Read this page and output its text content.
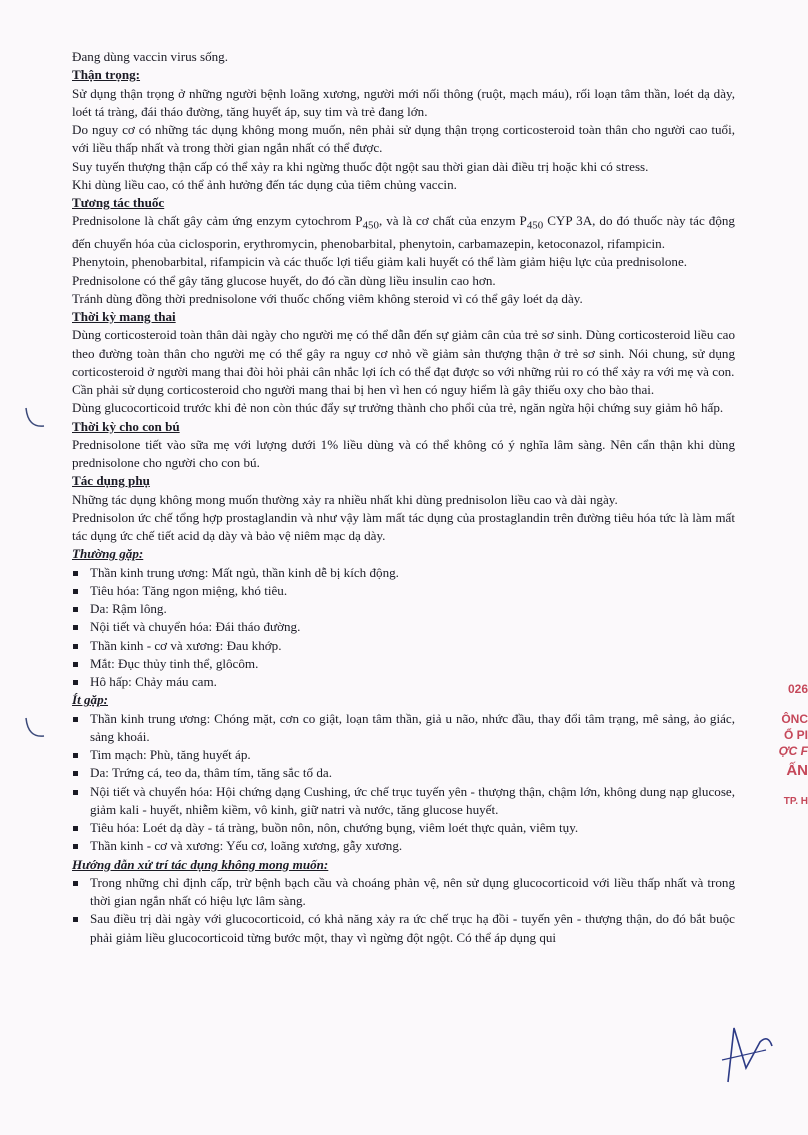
Đang dùng vaccin virus sống.

Thận trọng:

Sử dụng thận trọng ở những người bệnh loãng xương, người mới nối thông (ruột, mạch máu), rối loạn tâm thần, loét dạ dày, loét tá tràng, đái tháo đường, tăng huyết áp, suy tim và trẻ đang lớn.

Do nguy cơ có những tác dụng không mong muốn, nên phải sử dụng thận trọng corticosteroid toàn thân cho người cao tuổi, với liều thấp nhất và trong thời gian ngắn nhất có thể được.

Suy tuyến thượng thận cấp có thể xảy ra khi ngừng thuốc đột ngột sau thời gian dài điều trị hoặc khi có stress.

Khi dùng liều cao, có thể ảnh hưởng đến tác dụng của tiêm chủng vaccin.

Tương tác thuốc

Prednisolone là chất gây cảm ứng enzym cytochrom $P_{450}$, và là cơ chất của enzym $P_{450}$ CYP 3A, do đó thuốc này tác động đến chuyển hóa của ciclosporin, erythromycin, phenobarbital, phenytoin, carbamazepin, ketoconazol, rifampicin.

Phenytoin, phenobarbital, rifampicin và các thuốc lợi tiểu giảm kali huyết có thể làm giảm hiệu lực của prednisolone.

Prednisolone có thể gây tăng glucose huyết, do đó cần dùng liều insulin cao hơn.

Tránh dùng đồng thời prednisolone với thuốc chống viêm không steroid vì có thể gây loét dạ dày.

Thời kỳ mang thai

Dùng corticosteroid toàn thân dài ngày cho người mẹ có thể dẫn đến sự giảm cân của trẻ sơ sinh. Dùng corticosteroid liều cao theo đường toàn thân cho người mẹ có thể gây ra nguy cơ nhỏ về giảm sản thượng thận ở trẻ sơ sinh. Nói chung, sử dụng corticosteroid ở người mang thai đòi hỏi phải cân nhắc lợi ích có thể đạt được so với những rủi ro có thể xảy ra với mẹ và con.

Cần phải sử dụng corticosteroid cho người mang thai bị hen vì hen có nguy hiểm là gây thiếu oxy cho bào thai.

Dùng glucocorticoid trước khi đẻ non còn thúc đẩy sự trưởng thành cho phổi của trẻ, ngăn ngừa hội chứng suy giảm hô hấp.

Thời kỳ cho con bú

Prednisolone tiết vào sữa mẹ với lượng dưới 1% liều dùng và có thể không có ý nghĩa lâm sàng. Nên cẩn thận khi dùng prednisolone cho người cho con bú.

Tác dụng phụ

Những tác dụng không mong muốn thường xảy ra nhiều nhất khi dùng prednisolon liều cao và dài ngày.

Prednisolon ức chế tổng hợp prostaglandin và như vậy làm mất tác dụng của prostaglandin trên đường tiêu hóa tức là làm mất tác dụng ức chế tiết acid dạ dày và bảo vệ niêm mạc dạ dày.

Thường gặp:

Thần kinh trung ương: Mất ngủ, thần kinh dễ bị kích động.
Tiêu hóa: Tăng ngon miệng, khó tiêu.
Da: Rậm lông.
Nội tiết và chuyển hóa: Đái tháo đường.
Thần kinh - cơ và xương: Đau khớp.
Mắt: Đục thủy tinh thể, glôcôm.
Hô hấp: Chảy máu cam.

Ít gặp:

Thần kinh trung ương: Chóng mặt, cơn co giật, loạn tâm thần, giả u não, nhức đầu, thay đổi tâm trạng, mê sảng, ảo giác, sảng khoái.
Tim mạch: Phù, tăng huyết áp.
Da: Trứng cá, teo da, thâm tím, tăng sắc tố da.
Nội tiết và chuyển hóa: Hội chứng dạng Cushing, ức chế trục tuyến yên - thượng thận, chậm lớn, không dung nạp glucose, giảm kali - huyết, nhiễm kiềm, vô kinh, giữ natri và nước, tăng glucose huyết.
Tiêu hóa: Loét dạ dày - tá tràng, buồn nôn, nôn, chướng bụng, viêm loét thực quản, viêm tụy.
Thần kinh - cơ và xương: Yếu cơ, loãng xương, gẫy xương.

Hướng dẫn xử trí tác dụng không mong muốn:

Trong những chỉ định cấp, trừ bệnh bạch cầu và choáng phản vệ, nên sử dụng glucocorticoid với liều thấp nhất và trong thời gian ngắn nhất có hiệu lực lâm sàng.
Sau điều trị dài ngày với glucocorticoid, có khả năng xảy ra ức chế trục hạ đồi - tuyến yên - thượng thận, do đó bắt buộc phải giảm liều glucocorticoid từng bước một, thay vì ngừng đột ngột. Có thể áp dụng qui
026
ÔNC
Ổ PI
ỢC F
ẤN
TP. H
